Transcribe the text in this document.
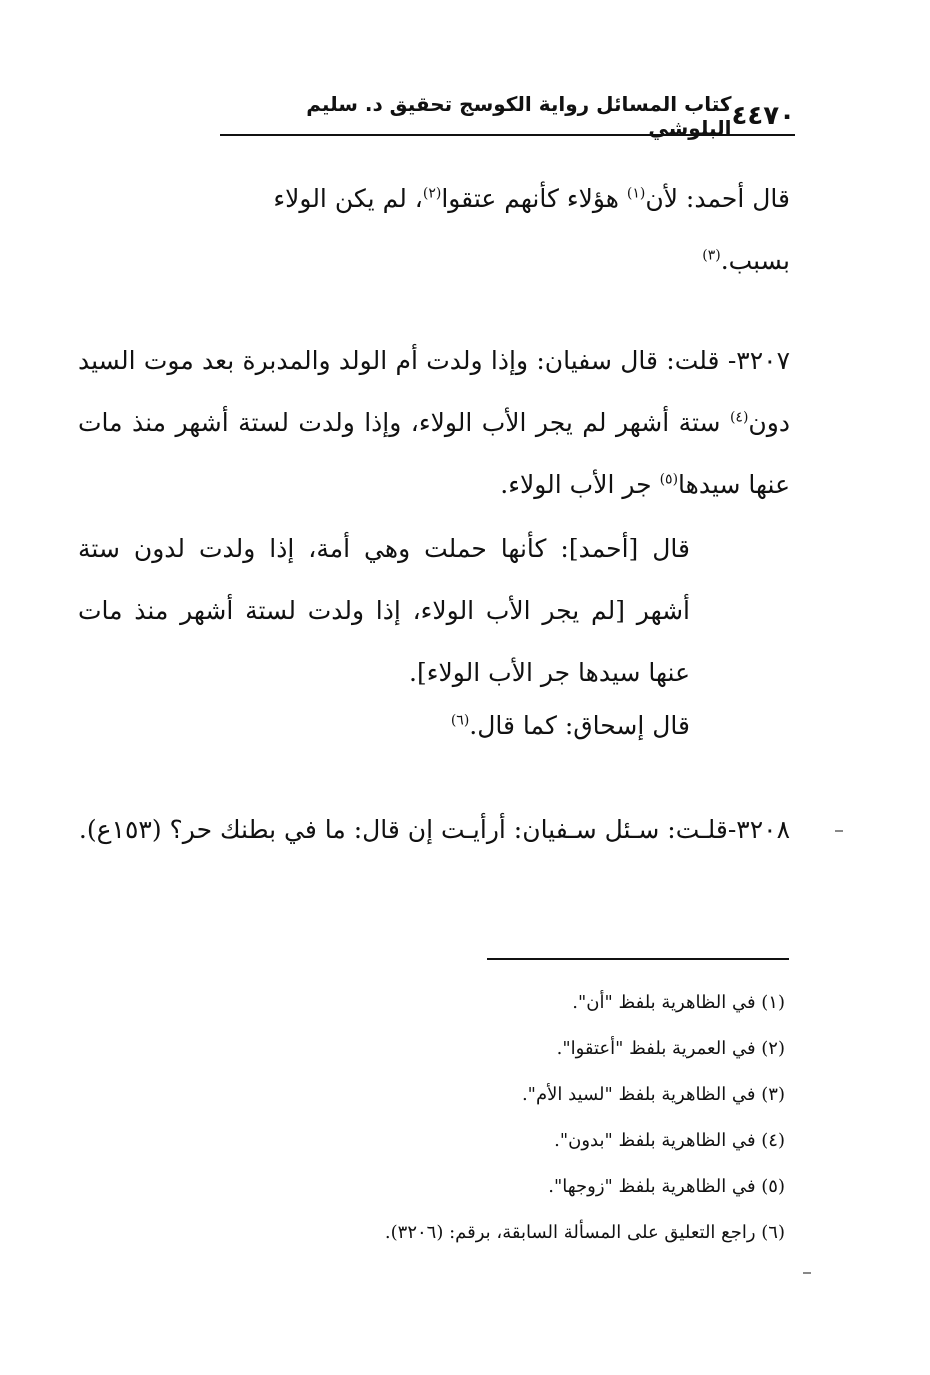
٤٤٧٠
كتاب المسائل رواية الكوسج تحقيق د. سليم البلوشي
قال أحمد: لأن$^{(١)}$ هؤلاء كأنهم عتقوا$^{(٢)}$، لم يكن الولاء
بسبب.$^{(٣)}$
٣٢٠٧- قلت: قال سفيان: وإذا ولدت أم الولد والمدبرة بعد موت السيد دون$^{(٤)}$ ستة أشهر لم يجر الأب الولاء، وإذا ولدت لستة أشهر منذ مات عنها سيدها$^{(٥)}$ جر الأب الولاء.
قال [أحمد]: كأنها حملت وهي أمة، إذا ولدت لدون ستة أشهر [لم يجر الأب الولاء، إذا ولدت لستة أشهر منذ مات عنها سيدها جر الأب الولاء].
قال إسحاق: كما قال.$^{(٦)}$
٣٢٠٨-قلـت: سـئل سـفيان: أرأيـت إن قال: ما في بطنك حر؟ (١٥٣ع).
(١) في الظاهرية بلفظ "أن".
(٢) في العمرية بلفظ "أعتقوا".
(٣) في الظاهرية بلفظ "لسيد الأم".
(٤) في الظاهرية بلفظ "بدون".
(٥) في الظاهرية بلفظ "زوجها".
(٦) راجع التعليق على المسألة السابقة، برقم: (٣٢٠٦).
